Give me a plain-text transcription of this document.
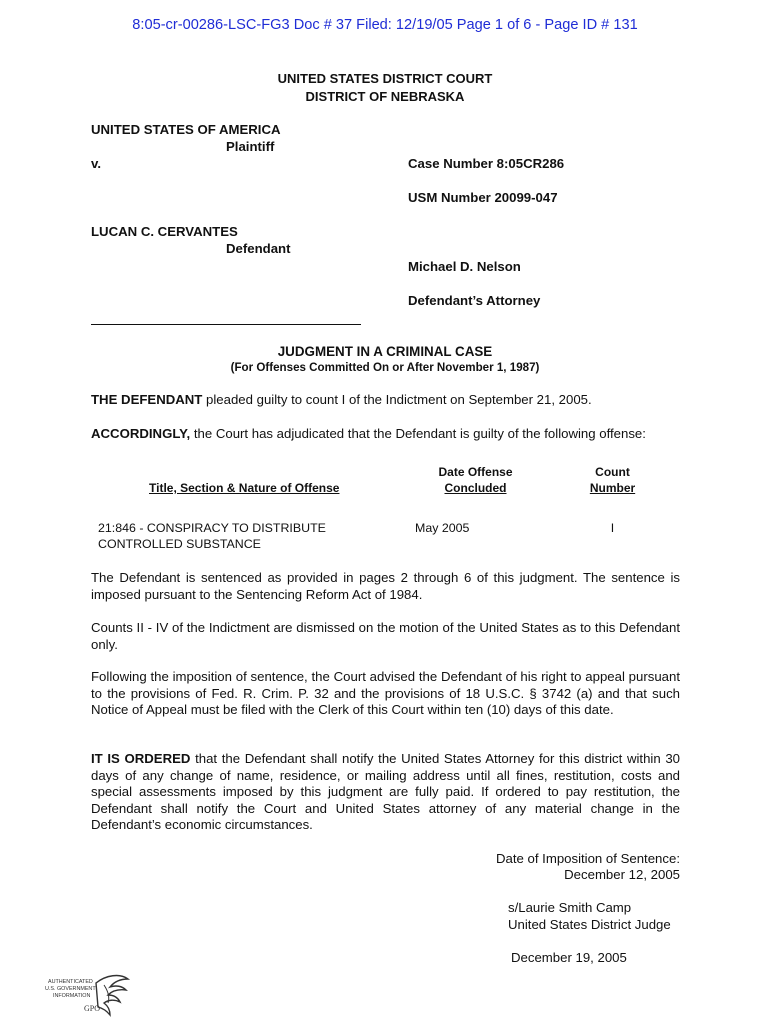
8:05-cr-00286-LSC-FG3 Doc # 37 Filed: 12/19/05 Page 1 of 6 - Page ID # 131
UNITED STATES DISTRICT COURT
DISTRICT OF NEBRASKA
UNITED STATES OF AMERICA
Plaintiff
v.	Case Number 8:05CR286
USM Number 20099-047
LUCAN C. CERVANTES
Defendant
Michael D. Nelson
Defendant’s Attorney
JUDGMENT IN A CRIMINAL CASE
(For Offenses Committed On or After November 1, 1987)
THE DEFENDANT pleaded guilty to count I of the Indictment on September 21, 2005.
ACCORDINGLY, the Court has adjudicated that the Defendant is guilty of the following offense:
Date Offense
Concluded
Count
Number
Title, Section & Nature of Offense
21:846 - CONSPIRACY TO DISTRIBUTE
CONTROLLED SUBSTANCE
May 2005	I
The Defendant is sentenced as provided in pages 2 through 6 of this judgment. The sentence is imposed pursuant to the Sentencing Reform Act of 1984.
Counts II - IV of the Indictment are dismissed on the motion of the United States as to this Defendant only.
Following the imposition of sentence, the Court advised the Defendant of his right to appeal pursuant to the provisions of Fed. R. Crim. P. 32 and the provisions of 18 U.S.C. § 3742 (a) and that such Notice of Appeal must be filed with the Clerk of this Court within ten (10) days of this date.
IT IS ORDERED that the Defendant shall notify the United States Attorney for this district within 30 days of any change of name, residence, or mailing address until all fines, restitution, costs and special assessments imposed by this judgment are fully paid. If ordered to pay restitution, the Defendant shall notify the Court and United States attorney of any material change in the Defendant’s economic circumstances.
Date of Imposition of Sentence:
December 12, 2005
s/Laurie Smith Camp
United States District Judge
December 19, 2005
AUTHENTICATED
U.S. GOVERNMENT
INFORMATION
GPO
